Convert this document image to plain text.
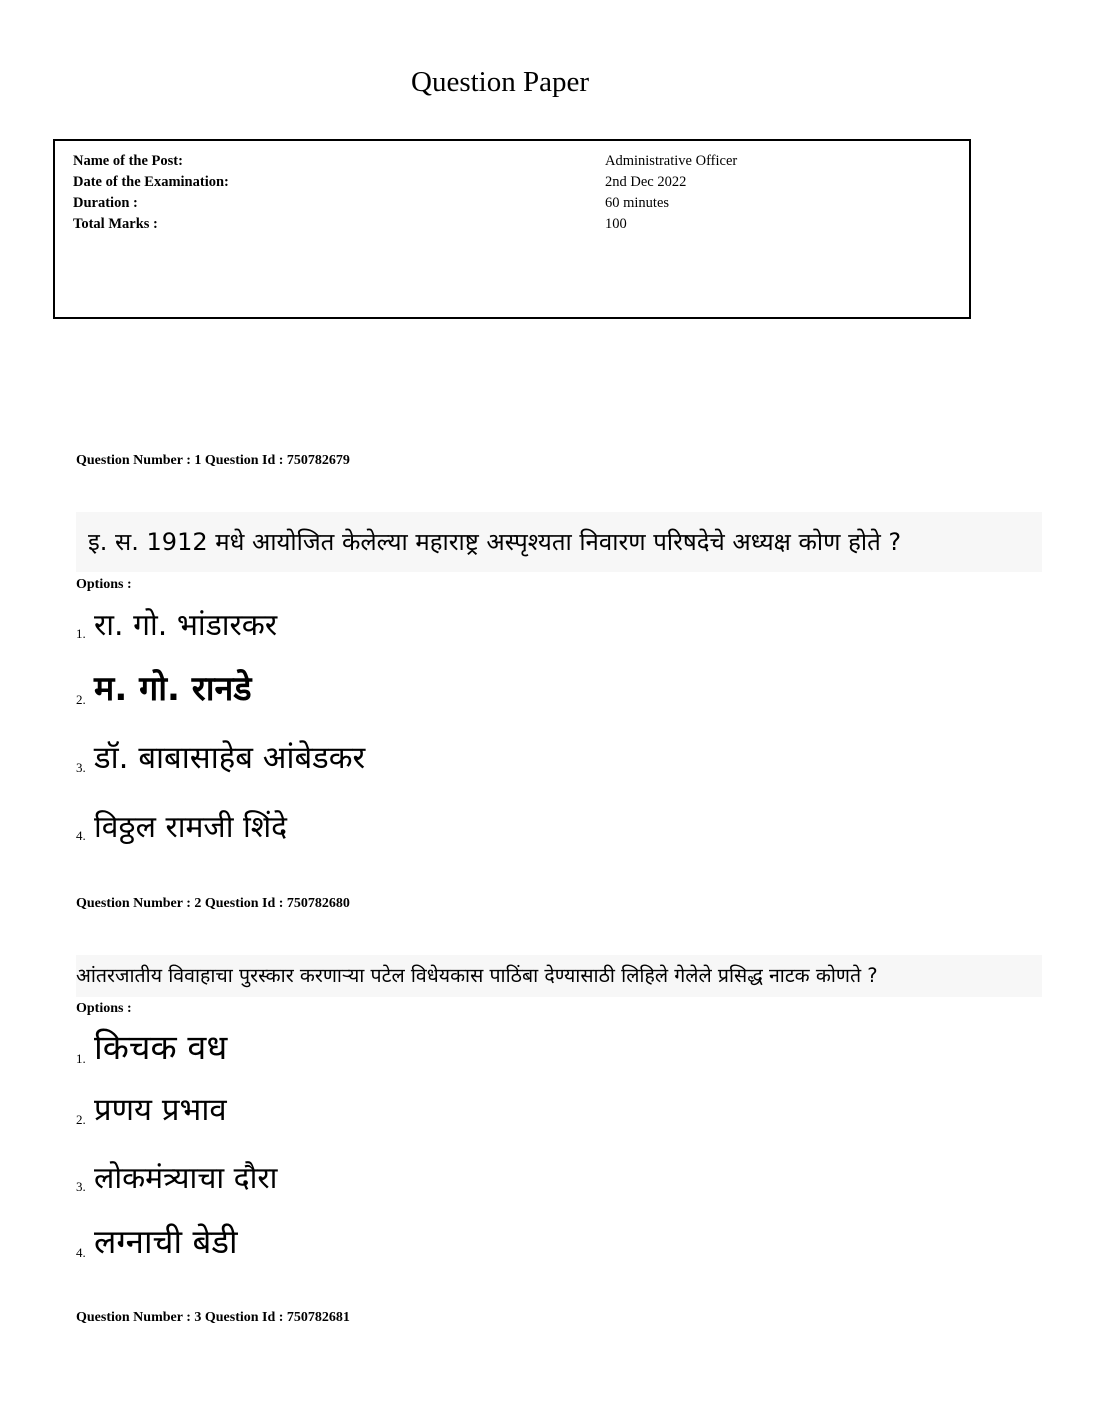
Question Paper
Name of the Post:	Administrative Officer
Date of the Examination:	2nd Dec 2022
Duration :	60 minutes
Total Marks :	100
Question Number : 1 Question Id : 750782679
इ. स. 1912 मधे आयोजित केलेल्या महाराष्ट्र अस्पृश्यता निवारण परिषदेचे अध्यक्ष कोण होते ?
Options :
1. रा. गो. भांडारकर
2. म. गो. रानडे
3. डॉ. बाबासाहेब आंबेडकर
4. विठ्ठल रामजी शिंदे
Question Number : 2 Question Id : 750782680
आंतरजातीय विवाहाचा पुरस्कार करणाऱ्या पटेल विधेयकास पाठिंबा देण्यासाठी लिहिले गेलेले प्रसिद्ध नाटक कोणते ?
Options :
1. किचक वध
2. प्रणय प्रभाव
3. लोकमंत्र्याचा दौरा
4. लग्नाची बेडी
Question Number : 3 Question Id : 750782681
